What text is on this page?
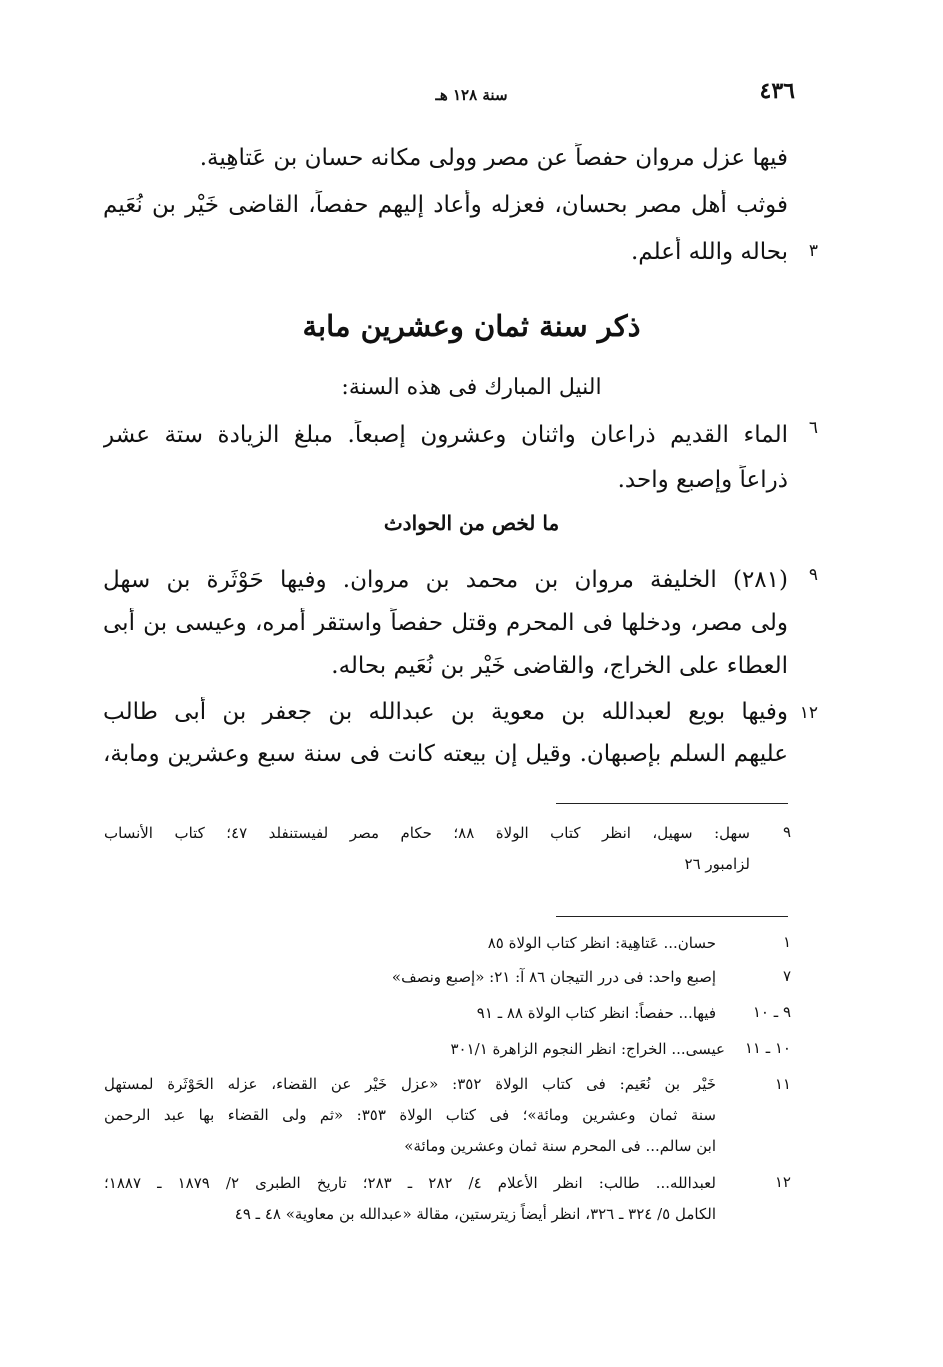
٤٣٦
سنة ١٢٨ هـ
فيها عزل مروان حفصاً عن مصر وولى مكانه حسان بن عَتاهِية.
فوثب أهل مصر بحسان، فعزله وأعاد إليهم حفصاً، القاضى خَيْر بن نُعَيم
بحاله والله أعلم. ٣
ذكر سنة ثمان وعشرين مابة
النيل المبارك فى هذه السنة:
٦
الماء القديم ذراعان واثنان وعشرون إصبعاً. مبلغ الزيادة ستة عشر
ذراعاً وإصبع واحد.
ما لخص من الحوادث
٩
(٢٨١) الخليفة مروان بن محمد بن مروان. وفيها حَوْثَرة بن سهل
ولى مصر، ودخلها فى المحرم وقتل حفصاً واستقر أمره، وعيسى بن أبى
العطاء على الخراج، والقاضى خَيْر بن نُعَيم بحاله.
١٢
وفيها بويع لعبدالله بن معوية بن عبدالله بن جعفر بن أبى طالب
عليهم السلم بإصبهان. وقيل إن بيعته كانت فى سنة سبع وعشرين ومابة،
٩
سهل: سهيل، انظر كتاب الولاة ٨٨؛ حكام مصر لفيستنفلد ٤٧؛ كتاب الأنساب
لزامبور ٢٦
١
حسان... عَتاهِية: انظر كتاب الولاة ٨٥
٧
إصبع واحد: فى درر التيجان ٨٦ آ: ٢١: «إصبع ونصف»
٩ ـ ١٠
فيها... حفصاً: انظر كتاب الولاة ٨٨ ـ ٩١
١٠ ـ ١١
عيسى... الخراج: انظر النجوم الزاهرة ٣٠١/١
١١
خَيْر بن نُعَيم: فى كتاب الولاة ٣٥٢: «عزل خَيْر عن القضاء، عزله الحَوْثَرة لمستهل
سنة ثمان وعشرين ومائة»؛ فى كتاب الولاة ٣٥٣: «ثم ولى القضاء بها عبد الرحمن
ابن سالم... فى المحرم سنة ثمان وعشرين ومائة»
١٢
لعبدالله... طالب: انظر الأعلام ٤/ ٢٨٢ ـ ٢٨٣؛ تاريخ الطبرى ٢/ ١٨٧٩ ـ ١٨٨٧؛
الكامل ٥/ ٣٢٤ ـ ٣٢٦، انظر أيضاً زيترستين، مقالة «عبدالله بن معاوية» ٤٨ ـ ٤٩
